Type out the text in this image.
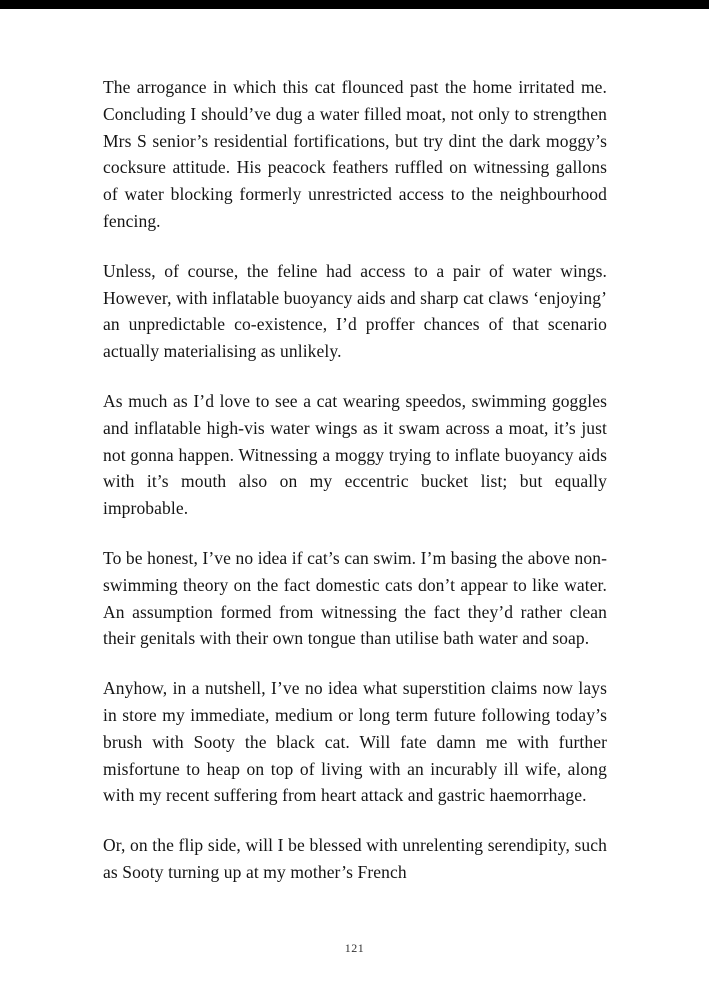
The arrogance in which this cat flounced past the home irritated me. Concluding I should’ve dug a water filled moat, not only to strengthen Mrs S senior’s residential fortifications, but try dint the dark moggy’s cocksure attitude. His peacock feathers ruffled on witnessing gallons of water blocking formerly unrestricted access to the neighbourhood fencing.

Unless, of course, the feline had access to a pair of water wings. However, with inflatable buoyancy aids and sharp cat claws ‘enjoying’ an unpredictable co-existence, I’d proffer chances of that scenario actually materialising as unlikely.

As much as I’d love to see a cat wearing speedos, swimming goggles and inflatable high-vis water wings as it swam across a moat, it’s just not gonna happen. Witnessing a moggy trying to inflate buoyancy aids with it’s mouth also on my eccentric bucket list; but equally improbable.

To be honest, I’ve no idea if cat’s can swim. I’m basing the above non-swimming theory on the fact domestic cats don’t appear to like water. An assumption formed from witnessing the fact they’d rather clean their genitals with their own tongue than utilise bath water and soap.

Anyhow, in a nutshell, I’ve no idea what superstition claims now lays in store my immediate, medium or long term future following today’s brush with Sooty the black cat. Will fate damn me with further misfortune to heap on top of living with an incurably ill wife, along with my recent suffering from heart attack and gastric haemorrhage.

Or, on the flip side, will I be blessed with unrelenting serendipity, such as Sooty turning up at my mother’s French

121
